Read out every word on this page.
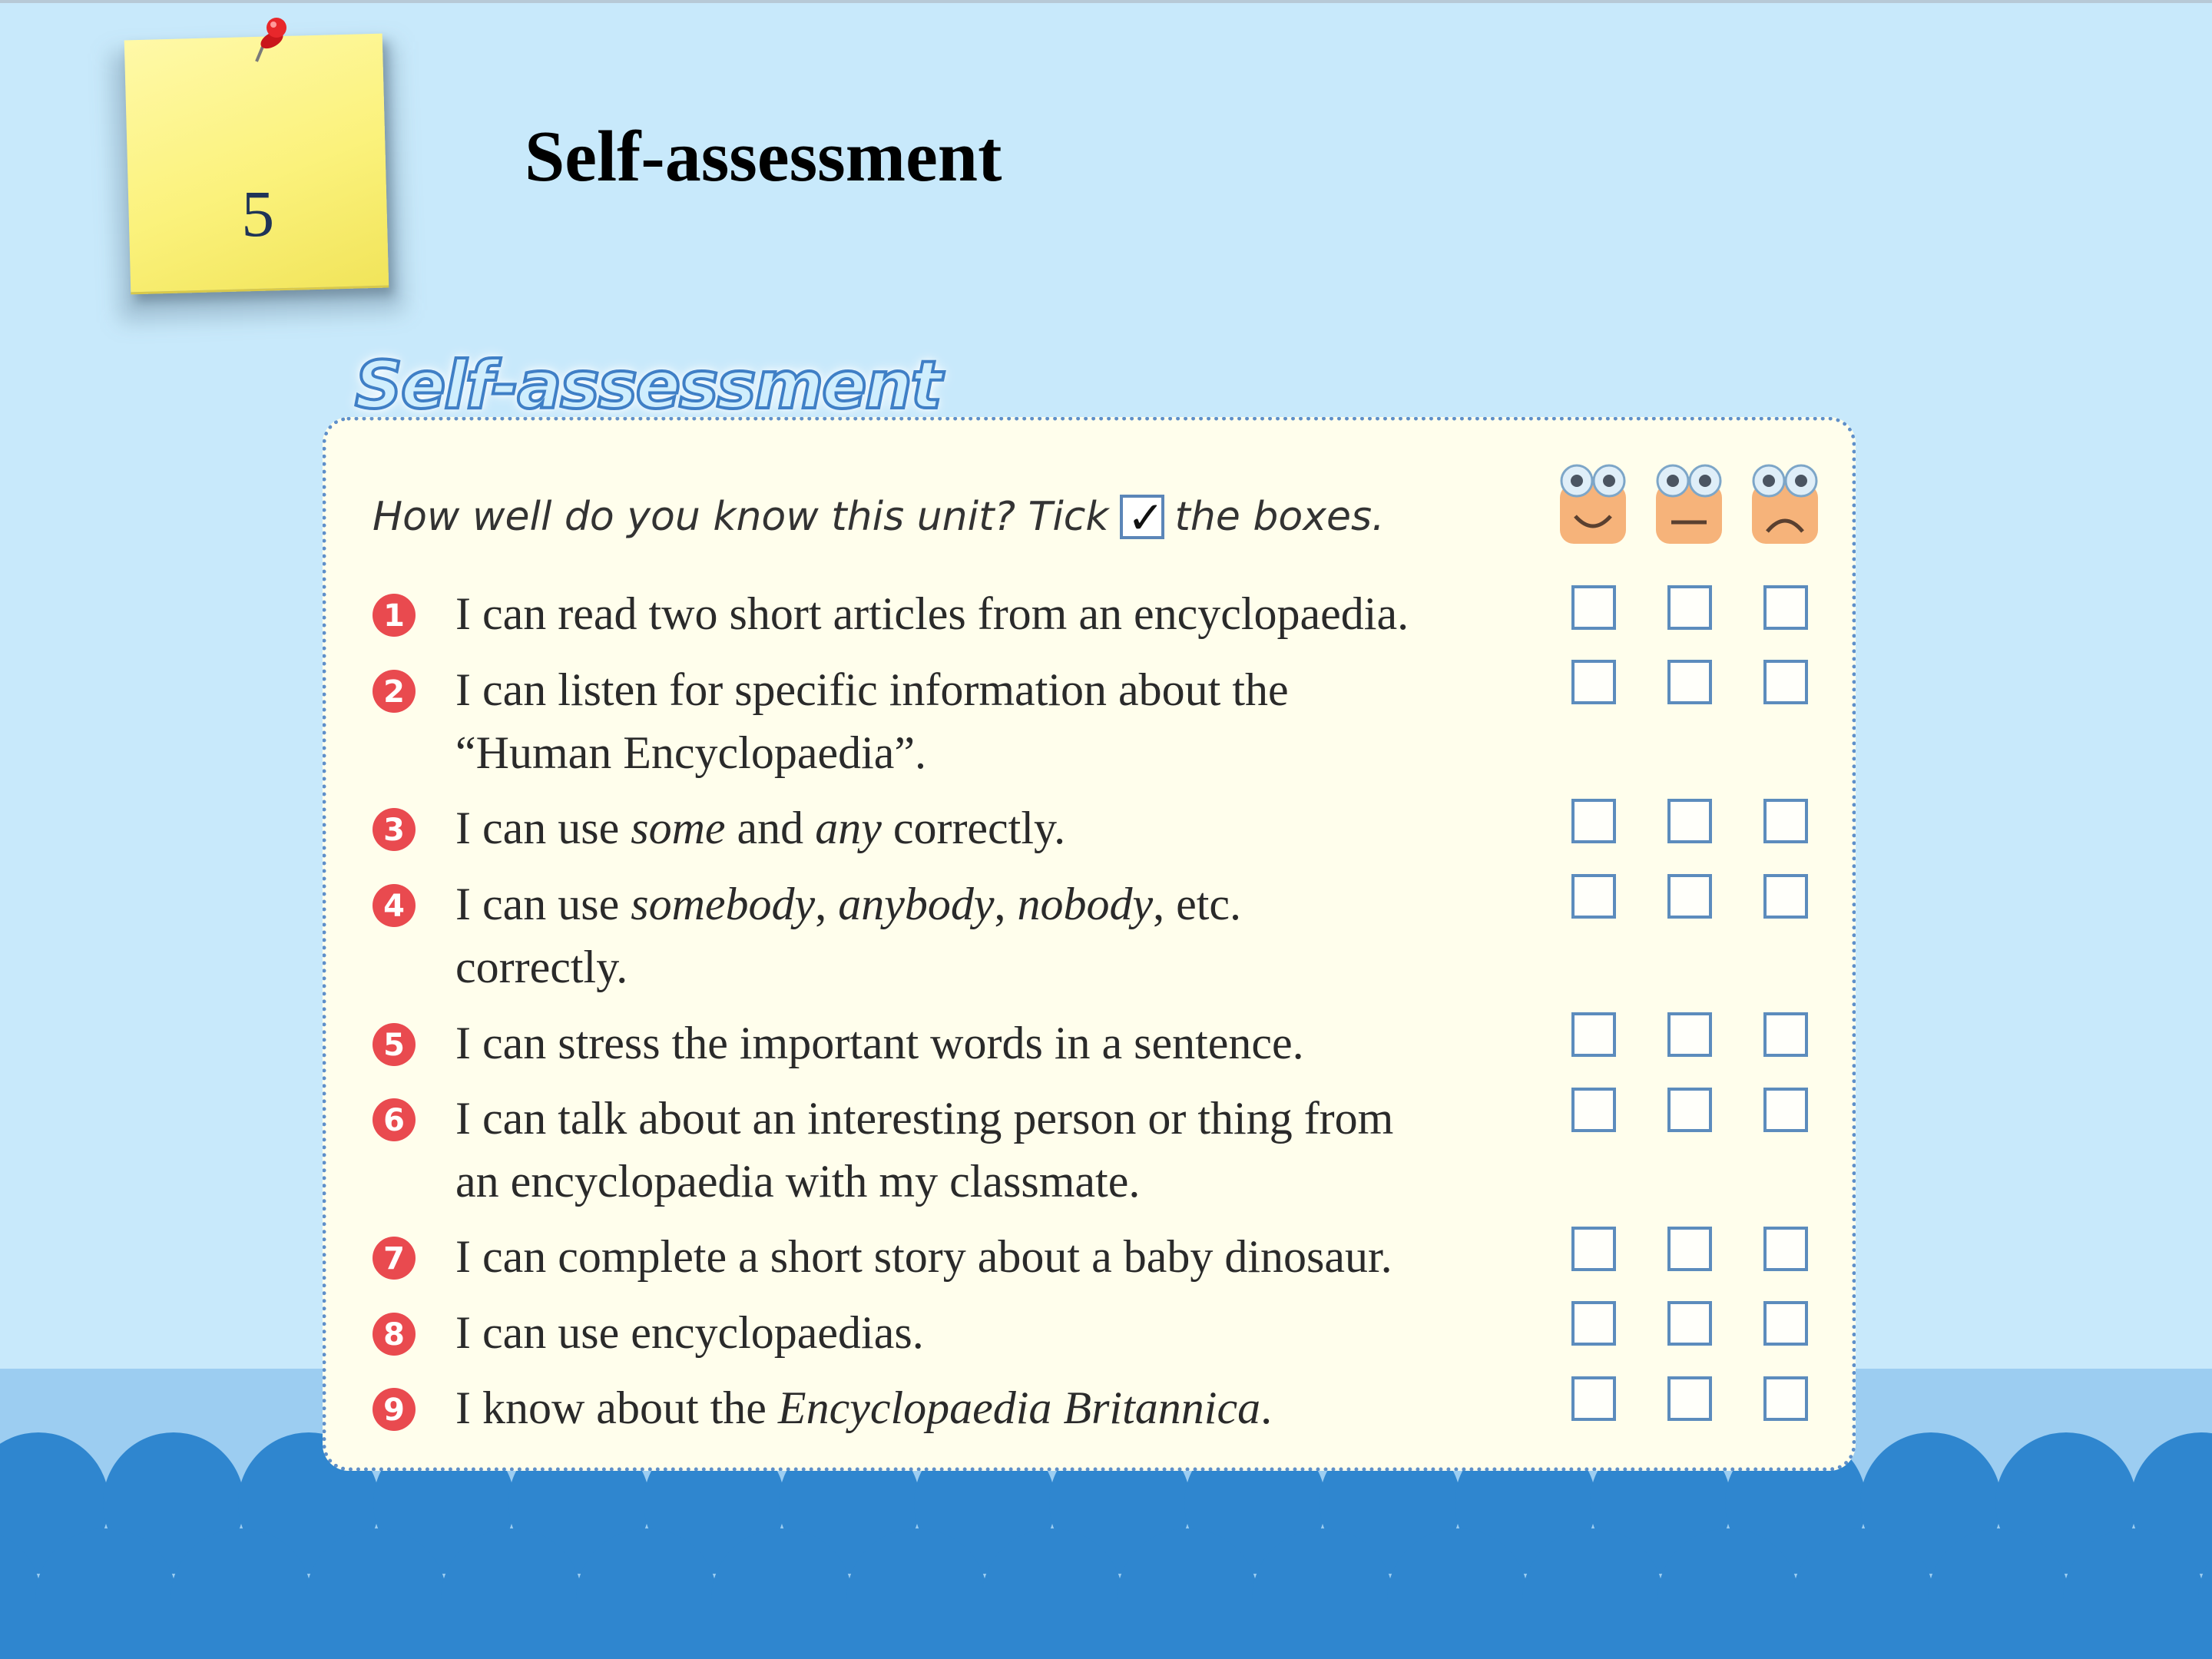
5
Self-assessment
Self-assessment
How well do you know this unit? Tick ✓ the boxes.
1 I can read two short articles from an encyclopaedia.
2 I can listen for specific information about the
“Human Encyclopaedia”.
3 I can use some and any correctly.
4 I can use somebody, anybody, nobody, etc.
correctly.
5 I can stress the important words in a sentence.
6 I can talk about an interesting person or thing from
an encyclopaedia with my classmate.
7 I can complete a short story about a baby dinosaur.
8 I can use encyclopaedias.
9 I know about the Encyclopaedia Britannica.
